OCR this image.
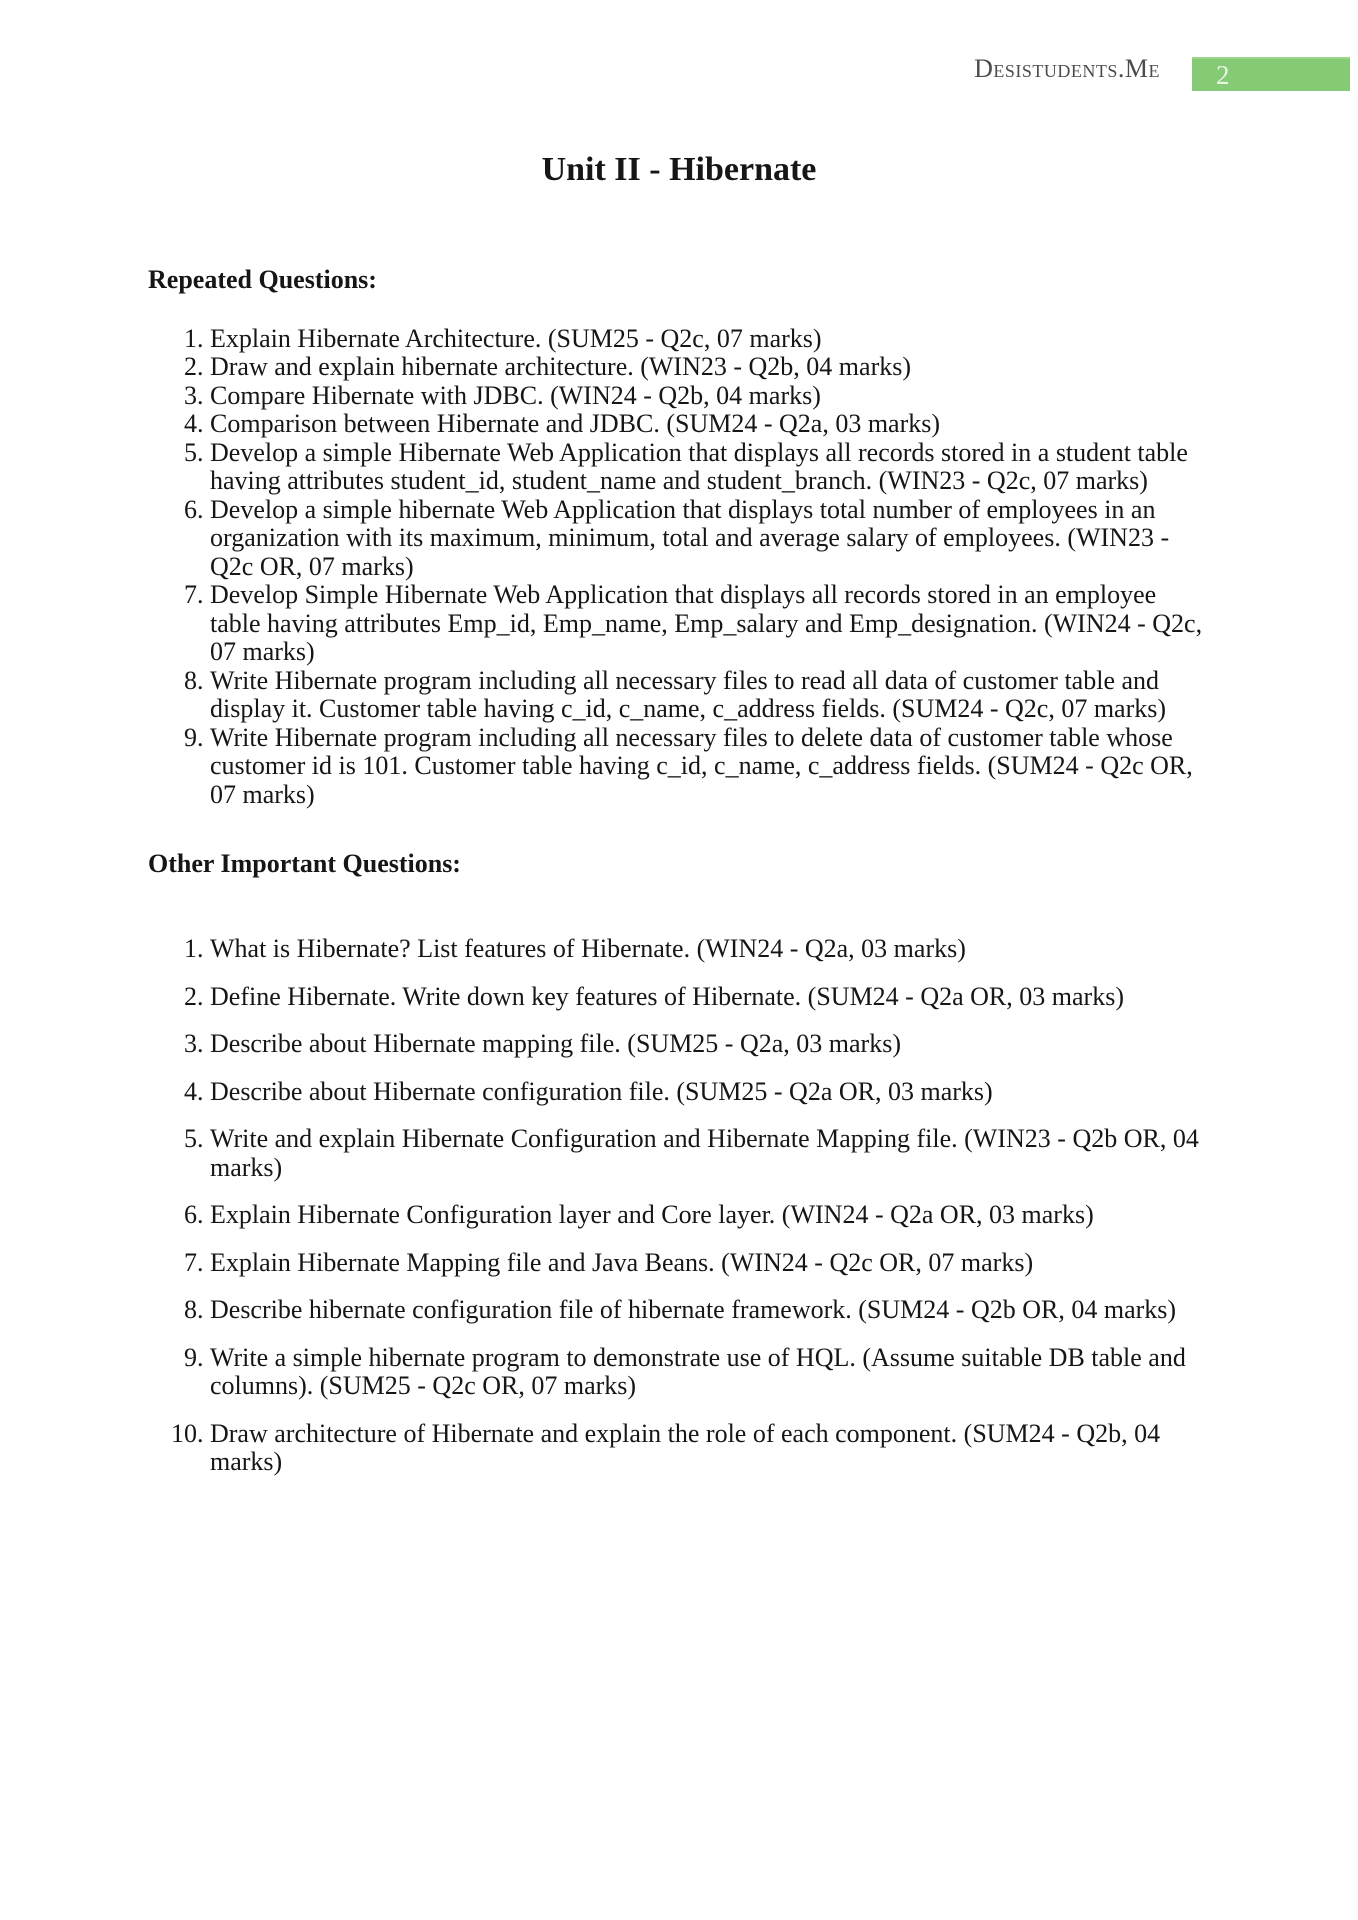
Desistudents.Me 2
Unit II - Hibernate
Repeated Questions:
1. Explain Hibernate Architecture. (SUM25 - Q2c, 07 marks)
2. Draw and explain hibernate architecture. (WIN23 - Q2b, 04 marks)
3. Compare Hibernate with JDBC. (WIN24 - Q2b, 04 marks)
4. Comparison between Hibernate and JDBC. (SUM24 - Q2a, 03 marks)
5. Develop a simple Hibernate Web Application that displays all records stored in a student table having attributes student_id, student_name and student_branch. (WIN23 - Q2c, 07 marks)
6. Develop a simple hibernate Web Application that displays total number of employees in an organization with its maximum, minimum, total and average salary of employees. (WIN23 - Q2c OR, 07 marks)
7. Develop Simple Hibernate Web Application that displays all records stored in an employee table having attributes Emp_id, Emp_name, Emp_salary and Emp_designation. (WIN24 - Q2c, 07 marks)
8. Write Hibernate program including all necessary files to read all data of customer table and display it. Customer table having c_id, c_name, c_address fields. (SUM24 - Q2c, 07 marks)
9. Write Hibernate program including all necessary files to delete data of customer table whose customer id is 101. Customer table having c_id, c_name, c_address fields. (SUM24 - Q2c OR, 07 marks)
Other Important Questions:
1. What is Hibernate? List features of Hibernate. (WIN24 - Q2a, 03 marks)
2. Define Hibernate. Write down key features of Hibernate. (SUM24 - Q2a OR, 03 marks)
3. Describe about Hibernate mapping file. (SUM25 - Q2a, 03 marks)
4. Describe about Hibernate configuration file. (SUM25 - Q2a OR, 03 marks)
5. Write and explain Hibernate Configuration and Hibernate Mapping file. (WIN23 - Q2b OR, 04 marks)
6. Explain Hibernate Configuration layer and Core layer. (WIN24 - Q2a OR, 03 marks)
7. Explain Hibernate Mapping file and Java Beans. (WIN24 - Q2c OR, 07 marks)
8. Describe hibernate configuration file of hibernate framework. (SUM24 - Q2b OR, 04 marks)
9. Write a simple hibernate program to demonstrate use of HQL. (Assume suitable DB table and columns). (SUM25 - Q2c OR, 07 marks)
10. Draw architecture of Hibernate and explain the role of each component. (SUM24 - Q2b, 04 marks)
